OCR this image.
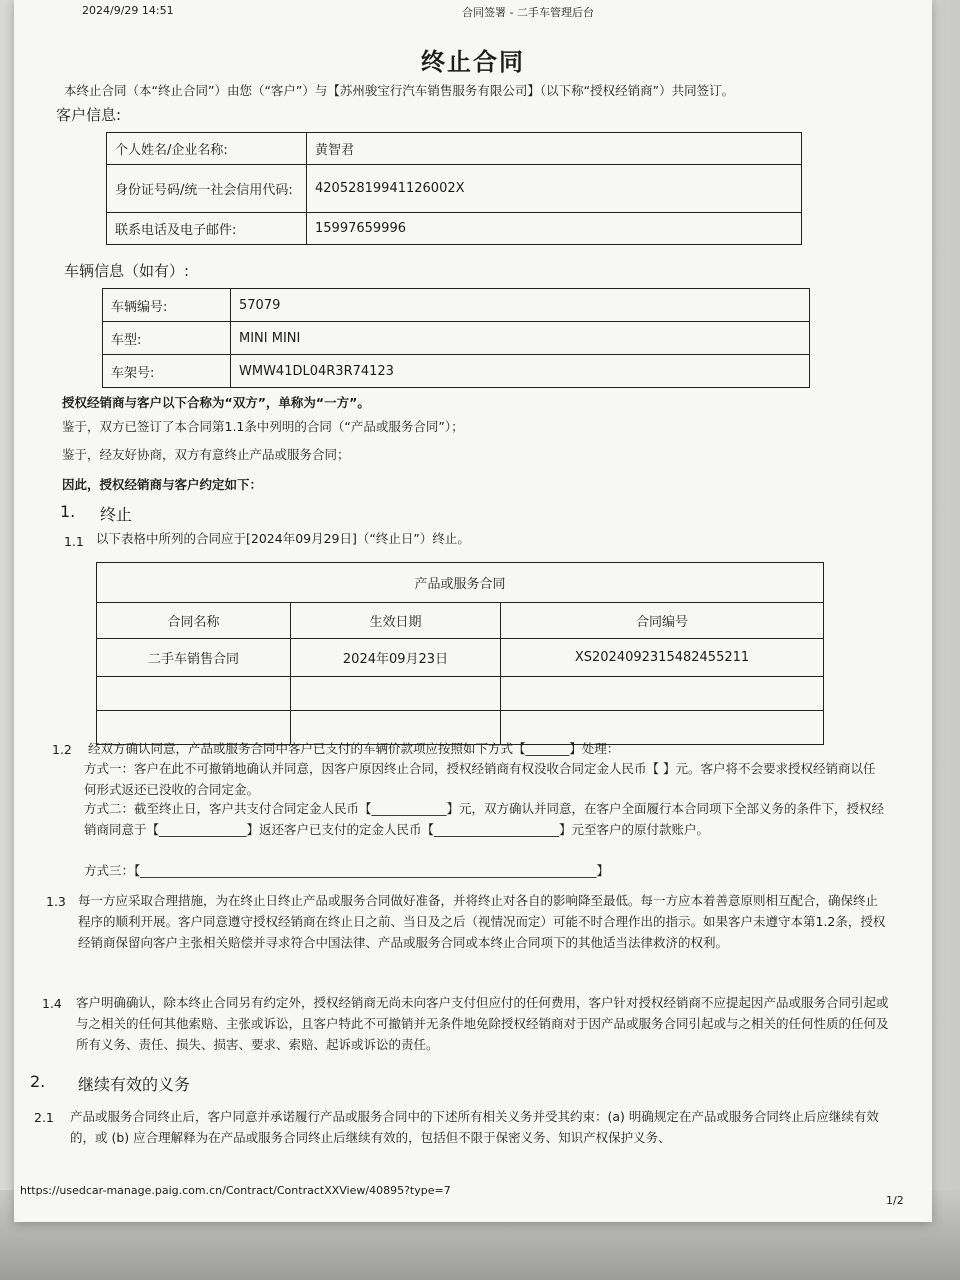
2024/9/29 14:51	合同签署 - 二手车管理后台
终止合同
本终止合同（本“终止合同”）由您（“客户”）与【苏州骏宝行汽车销售服务有限公司】（以下称“授权经销商”）共同签订。
客户信息:
个人姓名/企业名称:	黄智君
身份证号码/统一社会信用代码:	42052819941126002X
联系电话及电子邮件:	15997659996
车辆信息（如有）:
车辆编号:	57079
车型:	MINI MINI
车架号:	WMW41DL04R3R74123
授权经销商与客户以下合称为“双方”，单称为“一方”。
鉴于，双方已签订了本合同第1.1条中列明的合同（“产品或服务合同”）；
鉴于，经友好协商，双方有意终止产品或服务合同；
因此，授权经销商与客户约定如下：
1. 终止
1.1 以下表格中所列的合同应于[2024年09月29日]（“终止日”）终止。
产品或服务合同		
合同名称	生效日期	合同编号
二手车销售合同	2024年09月23日	XS2024092315482455211

1.2 经双方确认同意，产品或服务合同中客户已支付的车辆价款项应按照如下方式【_______】处理：
方式一：客户在此不可撤销地确认并同意，因客户原因终止合同，授权经销商有权没收合同定金人民币【 】元。客户将不会要求授权经销商以任何形式返还已没收的合同定金。
方式二：截至终止日，客户共支付合同定金人民币【____________】元，双方确认并同意，在客户全面履行本合同项下全部义务的条件下，授权经销商同意于【______________】返还客户已支付的定金人民币【____________________】元至客户的原付款账户。
方式三：【_________________________________________________________________________】
1.3 每一方应采取合理措施，为在终止日终止产品或服务合同做好准备，并将终止对各自的影响降至最低。每一方应本着善意原则相互配合，确保终止程序的顺利开展。客户同意遵守授权经销商在终止日之前、当日及之后（视情况而定）可能不时合理作出的指示。如果客户未遵守本第1.2条，授权经销商保留向客户主张相关赔偿并寻求符合中国法律、产品或服务合同或本终止合同项下的其他适当法律救济的权利。
1.4 客户明确确认，除本终止合同另有约定外，授权经销商无尚未向客户支付但应付的任何费用，客户针对授权经销商不应提起因产品或服务合同引起或与之相关的任何其他索赔、主张或诉讼，且客户特此不可撤销并无条件地免除授权经销商对于因产品或服务合同引起或与之相关的任何性质的任何及所有义务、责任、损失、损害、要求、索赔、起诉或诉讼的责任。
2. 继续有效的义务
2.1 产品或服务合同终止后，客户同意并承诺履行产品或服务合同中的下述所有相关义务并受其约束：(a) 明确规定在产品或服务合同终止后应继续有效的，或 (b) 应合理解释为在产品或服务合同终止后继续有效的，包括但不限于保密义务、知识产权保护义务、
https://usedcar-manage.paig.com.cn/Contract/ContractXXView/40895?type=7
1/2
